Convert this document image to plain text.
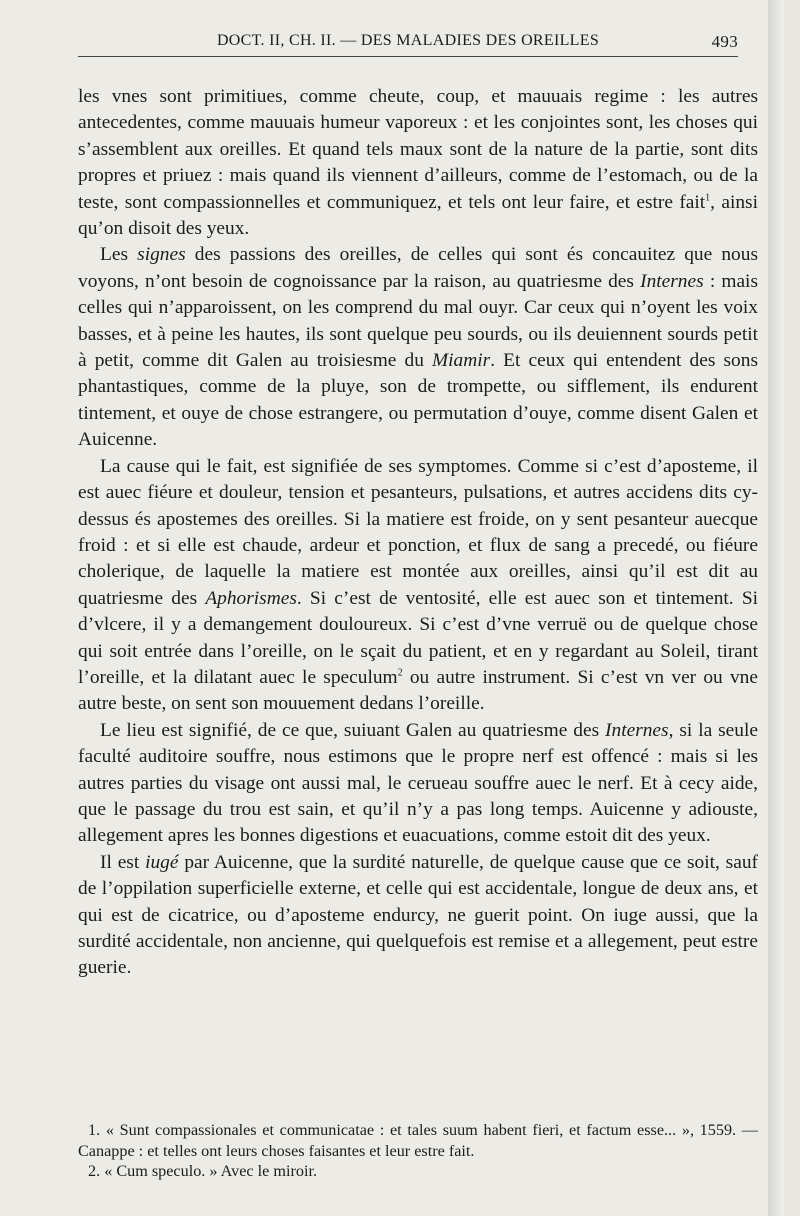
DOCT. II, CH. II. — DES MALADIES DES OREILLES	493

les vnes sont primitiues, comme cheute, coup, et mauuais regime : les autres antecedentes, comme mauuais humeur vaporeux : et les conjointes sont, les choses qui s’assemblent aux oreilles. Et quand tels maux sont de la nature de la partie, sont dits propres et priuez : mais quand ils viennent d’ailleurs, comme de l’estomach, ou de la teste, sont compassionnelles et communiquez, et tels ont leur faire, et estre fait$^1$, ainsi qu’on disoit des yeux.

Les signes des passions des oreilles, de celles qui sont és concauitez que nous voyons, n’ont besoin de cognoissance par la raison, au quatriesme des Internes : mais celles qui n’apparoissent, on les comprend du mal ouyr. Car ceux qui n’oyent les voix basses, et à peine les hautes, ils sont quelque peu sourds, ou ils deuiennent sourds petit à petit, comme dit Galen au troisiesme du Miamir. Et ceux qui entendent des sons phantastiques, comme de la pluye, son de trompette, ou sifflement, ils endurent tintement, et ouye de chose estrangere, ou permutation d’ouye, comme disent Galen et Auicenne.

La cause qui le fait, est signifiée de ses symptomes. Comme si c’est d’aposteme, il est auec fiéure et douleur, tension et pesanteurs, pulsations, et autres accidens dits cy-dessus és apostemes des oreilles. Si la matiere est froide, on y sent pesanteur auecque froid : et si elle est chaude, ardeur et ponction, et flux de sang a precedé, ou fiéure cholerique, de laquelle la matiere est montée aux oreilles, ainsi qu’il est dit au quatriesme des Aphorismes. Si c’est de ventosité, elle est auec son et tintement. Si d’vlcere, il y a demangement douloureux. Si c’est d’vne verruë ou de quelque chose qui soit entrée dans l’oreille, on le sçait du patient, et en y regardant au Soleil, tirant l’oreille, et la dilatant auec le speculum$^2$ ou autre instrument. Si c’est vn ver ou vne autre beste, on sent son mouuement dedans l’oreille.

Le lieu est signifié, de ce que, suiuant Galen au quatriesme des Internes, si la seule faculté auditoire souffre, nous estimons que le propre nerf est offencé : mais si les autres parties du visage ont aussi mal, le cerueau souffre auec le nerf. Et à cecy aide, que le passage du trou est sain, et qu’il n’y a pas long temps. Auicenne y adiouste, allegement apres les bonnes digestions et euacuations, comme estoit dit des yeux.

Il est iugé par Auicenne, que la surdité naturelle, de quelque cause que ce soit, sauf de l’oppilation superficielle externe, et celle qui est accidentale, longue de deux ans, et qui est de cicatrice, ou d’aposteme endurcy, ne guerit point. On iuge aussi, que la surdité accidentale, non ancienne, qui quelquefois est remise et a allegement, peut estre guerie.

1. « Sunt compassionales et communicatae : et tales suum habent fieri, et factum esse... », 1559. — Canappe : et telles ont leurs choses faisantes et leur estre fait.

2. « Cum speculo. » Avec le miroir.
